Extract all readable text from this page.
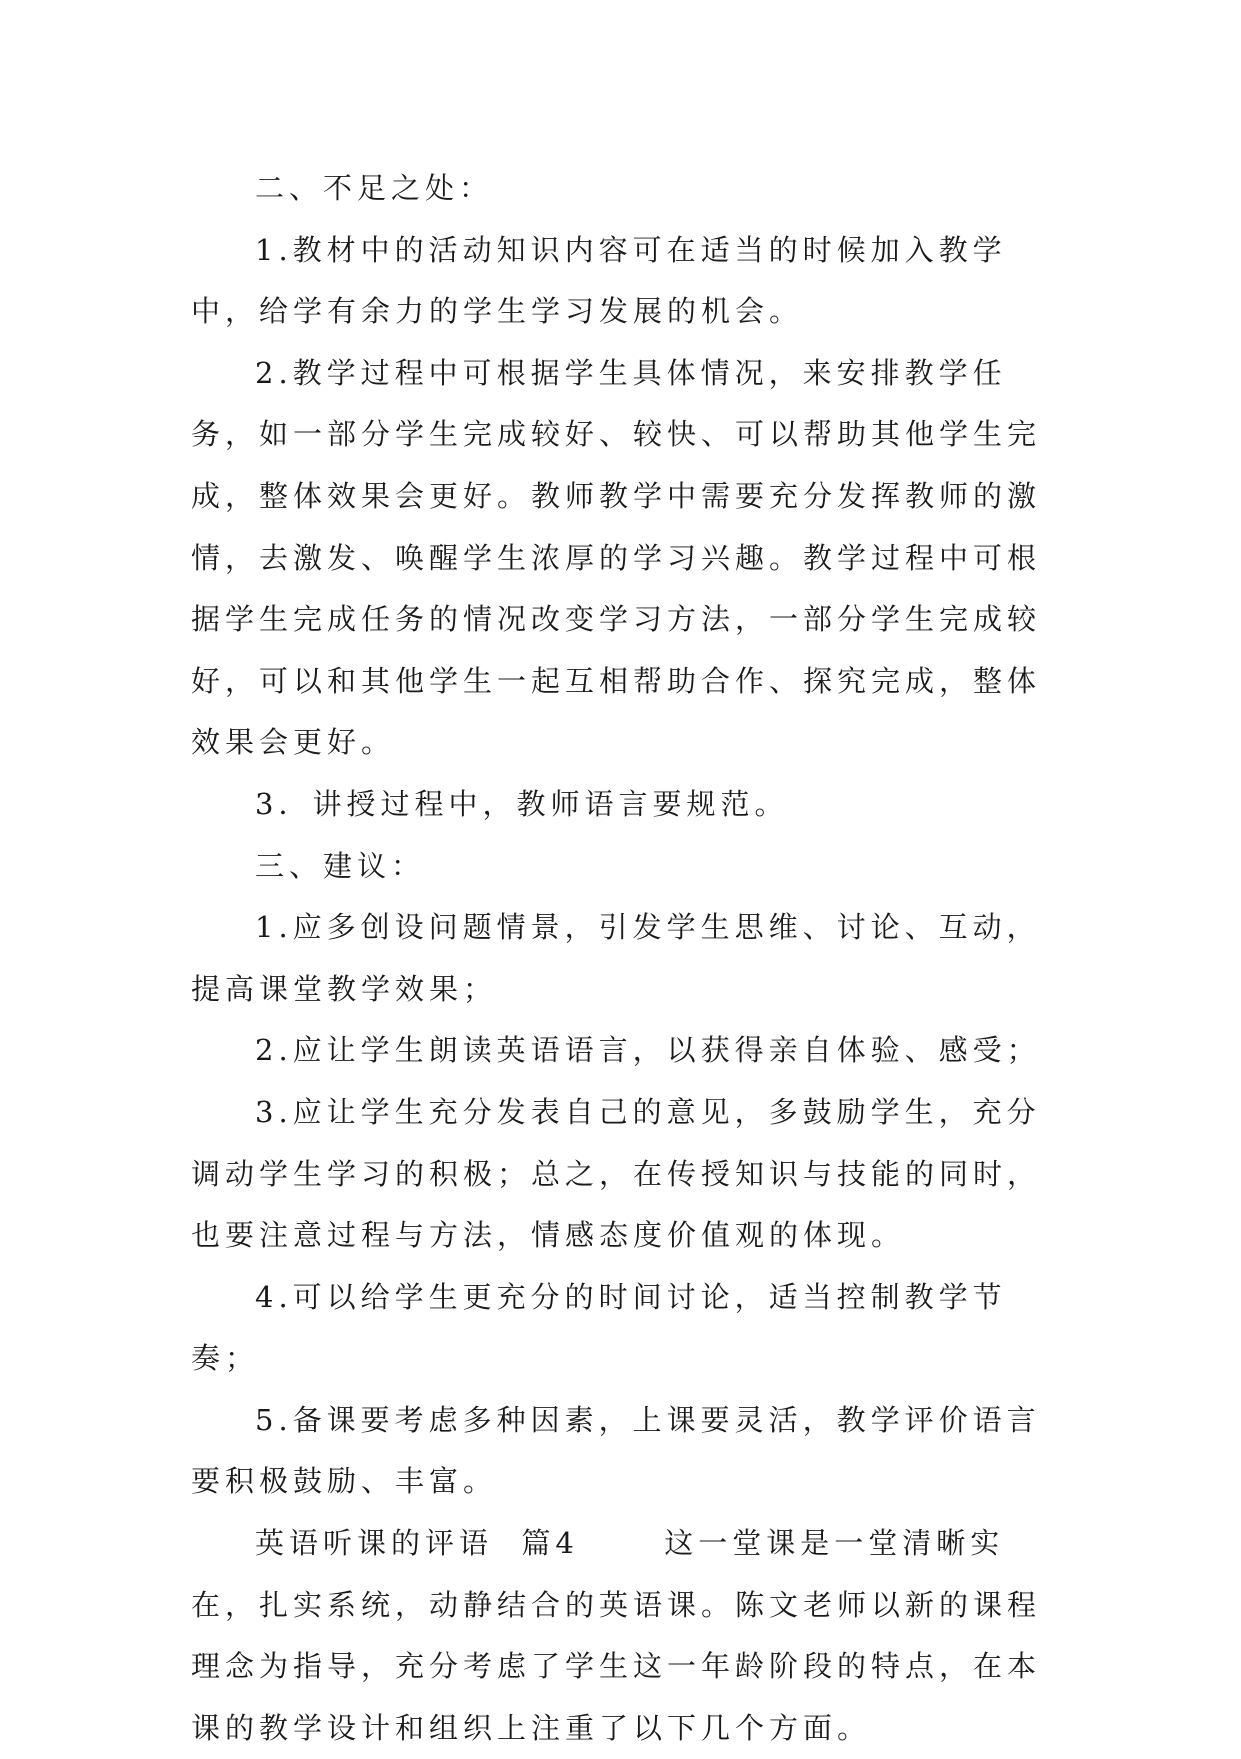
二、不足之处：

1.教材中的活动知识内容可在适当的时候加入教学中，给学有余力的学生学习发展的机会。

2.教学过程中可根据学生具体情况，来安排教学任务，如一部分学生完成较好、较快、可以帮助其他学生完成，整体效果会更好。教师教学中需要充分发挥教师的激情，去激发、唤醒学生浓厚的学习兴趣。教学过程中可根据学生完成任务的情况改变学习方法，一部分学生完成较好，可以和其他学生一起互相帮助合作、探究完成，整体效果会更好。

3．讲授过程中，教师语言要规范。

三、建议：

1.应多创设问题情景，引发学生思维、讨论、互动，提高课堂教学效果；

2.应让学生朗读英语语言，以获得亲自体验、感受；

3.应让学生充分发表自己的意见，多鼓励学生，充分调动学生学习的积极；总之，在传授知识与技能的同时，也要注意过程与方法，情感态度价值观的体现。

4.可以给学生更充分的时间讨论，适当控制教学节奏；

5.备课要考虑多种因素，上课要灵活，教学评价语言要积极鼓励、丰富。

英语听课的评语  篇4      这一堂课是一堂清晰实在，扎实系统，动静结合的英语课。陈文老师以新的课程理念为指导，充分考虑了学生这一年龄阶段的特点，在本课的教学设计和组织上注重了以下几个方面。
